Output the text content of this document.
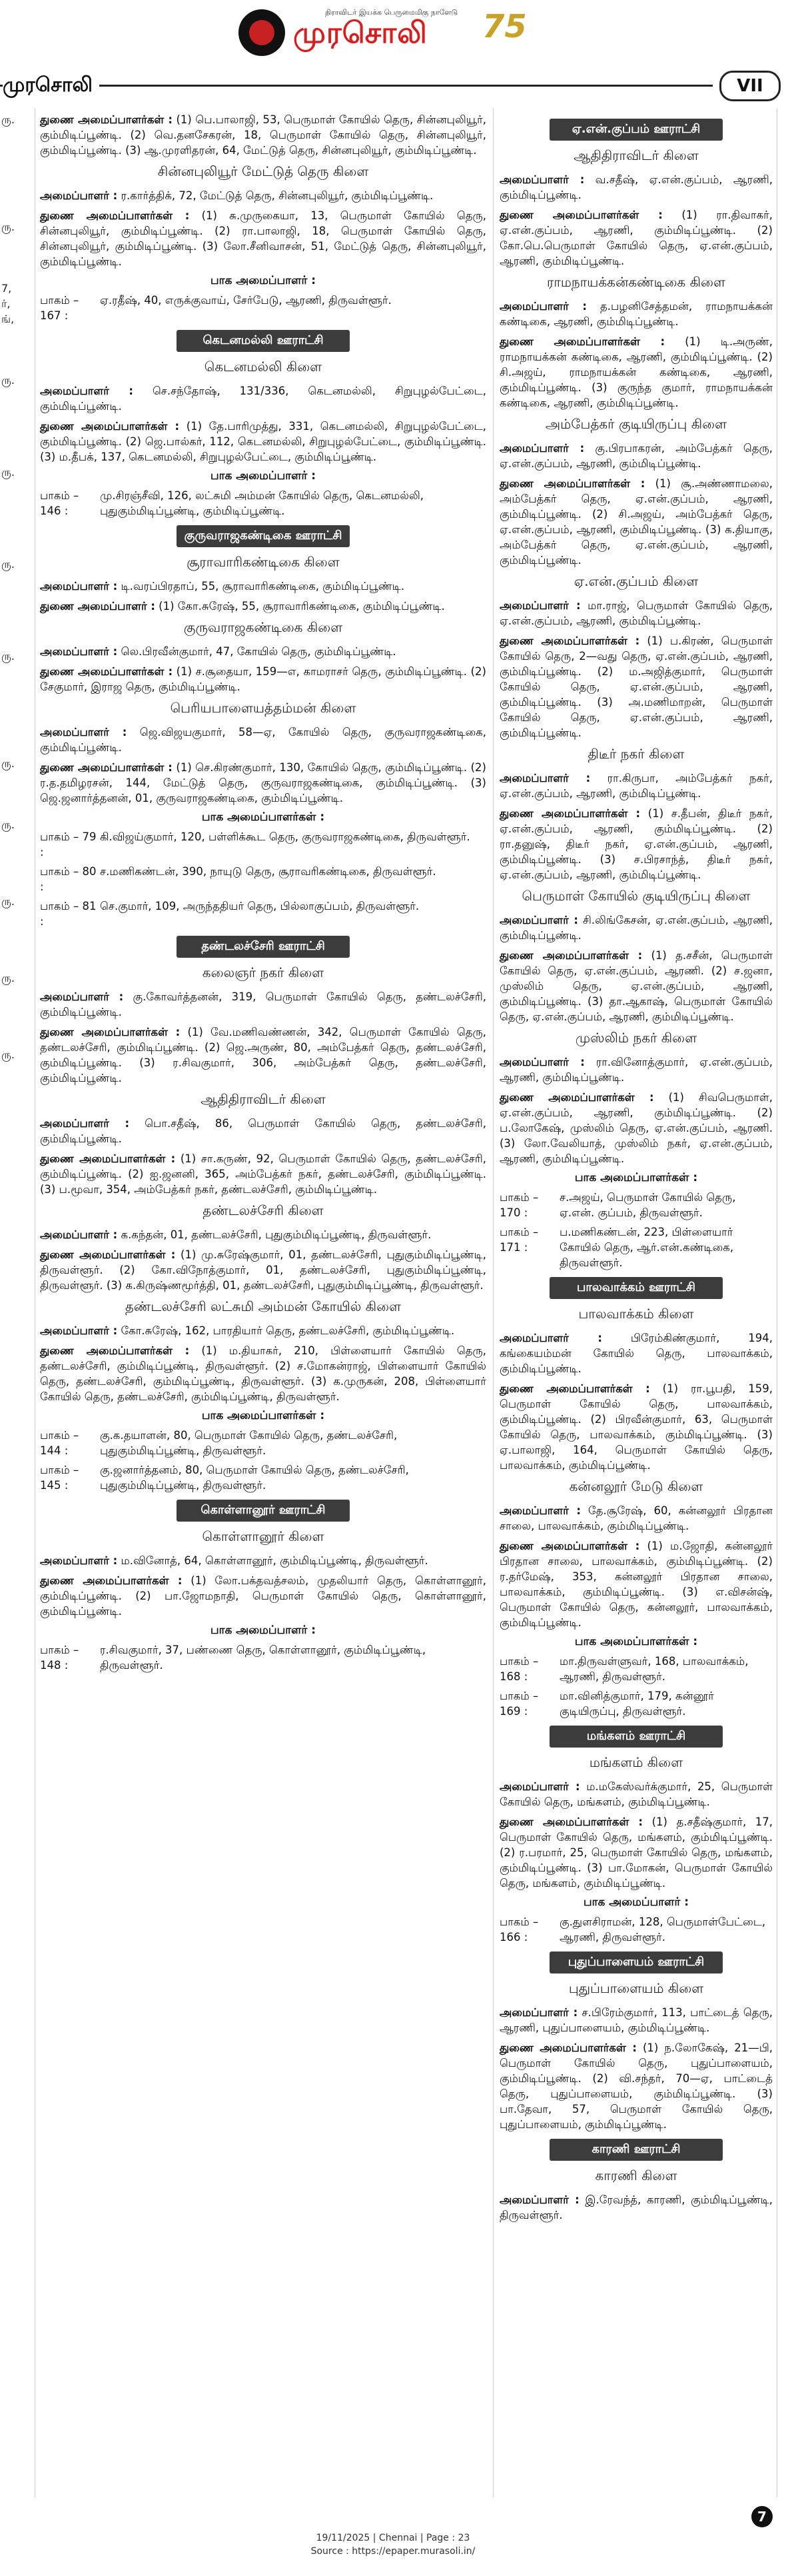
திராவிடர் இயக்க பெருமைமிகு நாளேடு
முரசொலி 75
முரசொலி	VII
ரு.
ரு.
7,
ர்,
ங்,
ரு.
ரு.
ரு.
ரு.
ரு.
ரு.
ரு.
ரு.
ரு.

துணை அமைப்பாளர்கள் : (1) பெ.பாலாஜி, 53, பெருமாள் கோயில் தெரு, சின்னபுலியூர், கும்மிடிப்பூண்டி. (2) வெ.தனசேகரன், 18, பெருமாள் கோயில் தெரு, சின்னபுலியூர், கும்மிடிப்பூண்டி. (3) ஆ.முரளிதரன், 64, மேட்டுத் தெரு, சின்னபுலியூர், கும்மிடிப்பூண்டி.

சின்னபுலியூர் மேட்டுத் தெரு கிளை

அமைப்பாளர் : ர.கார்த்திக், 72, மேட்டுத் தெரு, சின்னபுலியூர், கும்மிடிப்பூண்டி.

துணை அமைப்பாளர்கள் : (1) சு.முருகையா, 13, பெருமாள் கோயில் தெரு, சின்னபுலியூர், கும்மிடிப்பூண்டி. (2) ரா.பாலாஜி, 18, பெருமாள் கோயில் தெரு, சின்னபுலியூர், கும்மிடிப்பூண்டி. (3) லோ.சீனிவாசன், 51, மேட்டுத் தெரு, சின்னபுலியூர், கும்மிடிப்பூண்டி.

பாக அமைப்பாளர் :
பாகம் – 167 :
ஏ.ரதீஷ், 40, எருக்குவாய், சேர்பேடு, ஆரணி, திருவள்ளூர்.
கெடனமல்லி ஊராட்சி
கெடனமல்லி கிளை

அமைப்பாளர் : செ.சந்தோஷ், 131/336, கெடனமல்லி, சிறுபுழல்பேட்டை, கும்மிடிப்பூண்டி.

துணை அமைப்பாளர்கள் : (1) தே.பாரிமுத்து, 331, கெடனமல்லி, சிறுபுழல்பேட்டை, கும்மிடிப்பூண்டி. (2) ஜெ.பால்கர், 112, கெடனமல்லி, சிறுபுழல்பேட்டை, கும்மிடிப்பூண்டி. (3) ம.தீபக், 137, கெடனமல்லி, சிறுபுழல்பேட்டை, கும்மிடிப்பூண்டி.

பாக அமைப்பாளர் :
பாகம் – 146 :
மு.சிரஞ்சீவி, 126, லட்சுமி அம்மன் கோயில் தெரு, கெடனமல்லி, புதுகும்மிடிப்பூண்டி, கும்மிடிப்பூண்டி.
குருவராஜகண்டிகை ஊராட்சி
சூராவாரிகண்டிகை கிளை

அமைப்பாளர் : டி.வரப்பிரதாப், 55, சூராவாரிகண்டிகை, கும்மிடிப்பூண்டி.

துணை அமைப்பாளர் : (1) கோ.சுரேஷ், 55, சூராவாரிகண்டிகை, கும்மிடிப்பூண்டி.

குருவராஜகண்டிகை கிளை

அமைப்பாளர் : லெ.பிரவீன்குமார், 47, கோயில் தெரு, கும்மிடிப்பூண்டி.

துணை அமைப்பாளர்கள் : (1) ச.சூதையா, 159—எ, காமராசர் தெரு, கும்மிடிப்பூண்டி. (2) சேகுமார், இராஜ தெரு, கும்மிடிப்பூண்டி.

பெரியபாளையத்தம்மன் கிளை

அமைப்பாளர் : ஜெ.விஜயகுமார், 58—ஏ, கோயில் தெரு, குருவராஜகண்டிகை, கும்மிடிப்பூண்டி.

துணை அமைப்பாளர்கள் : (1) செ.கிரண்குமார், 130, கோயில் தெரு, கும்மிடிப்பூண்டி. (2) ர.த.தமிழரசன், 144, மேட்டுத் தெரு, குருவராஜகண்டிகை, கும்மிடிப்பூண்டி. (3) ஜெ.ஜனார்த்தனன், 01, குருவராஜகண்டிகை, கும்மிடிப்பூண்டி.

பாக அமைப்பாளர்கள் :
பாகம் – 79 :
கி.விஜய்குமார், 120, பள்ளிக்கூட தெரு, குருவராஜகண்டிகை, திருவள்ளூர்.
பாகம் – 80 :
ச.மணிகண்டன், 390, நாயுடு தெரு, சூராவரிகண்டிகை, திருவள்ளூர்.
பாகம் – 81 :
செ.குமார், 109, அருந்ததியர் தெரு, பில்லாகுப்பம், திருவள்ளூர்.
தண்டலச்சேரி ஊராட்சி
கலைஞர் நகர் கிளை

அமைப்பாளர் : கு.கோவர்த்தனன், 319, பெருமாள் கோயில் தெரு, தண்டலச்சேரி, கும்மிடிப்பூண்டி.

துணை அமைப்பாளர்கள் : (1) வே.மணிவண்ணன், 342, பெருமாள் கோயில் தெரு, தண்டலச்சேரி, கும்மிடிப்பூண்டி. (2) ஜெ.அருண், 80, அம்பேத்கர் தெரு, தண்டலச்சேரி, கும்மிடிப்பூண்டி. (3) ர.சிவகுமார், 306, அம்பேத்கர் தெரு, தண்டலச்சேரி, கும்மிடிப்பூண்டி.

ஆதிதிராவிடர் கிளை

அமைப்பாளர் : பொ.சதீஷ், 86, பெருமாள் கோயில் தெரு, தண்டலச்சேரி, கும்மிடிப்பூண்டி.

துணை அமைப்பாளர்கள் : (1) சா.கருண், 92, பெருமாள் கோயில் தெரு, தண்டலச்சேரி, கும்மிடிப்பூண்டி. (2) ஐ.ஜனனி, 365, அம்பேத்கர் நகர், தண்டலச்சேரி, கும்மிடிப்பூண்டி. (3) ப.மூவா, 354, அம்பேத்கர் நகர், தண்டலச்சேரி, கும்மிடிப்பூண்டி.

தண்டலச்சேரி கிளை

அமைப்பாளர் : க.கந்தன், 01, தண்டலச்சேரி, புதுகும்மிடிப்பூண்டி, திருவள்ளூர்.

துணை அமைப்பாளர்கள் : (1) மு.சுரேஷ்குமார், 01, தண்டலச்சேரி, புதுகும்மிடிப்பூண்டி, திருவள்ளூர். (2) கோ.விநோத்குமார், 01, தண்டலச்சேரி, புதுகும்மிடிப்பூண்டி, திருவள்ளூர். (3) க.கிருஷ்ணமூர்த்தி, 01, தண்டலச்சேரி, புதுகும்மிடிப்பூண்டி, திருவள்ளூர்.

தண்டலச்சேரி லட்சுமி அம்மன் கோயில் கிளை

அமைப்பாளர் : கோ.சுரேஷ், 162, பாரதியார் தெரு, தண்டலச்சேரி, கும்மிடிப்பூண்டி.

துணை அமைப்பாளர்கள் : (1) ம.தியாகர், 210, பிள்ளையார் கோயில் தெரு, தண்டலச்சேரி, கும்மிடிப்பூண்டி, திருவள்ளூர். (2) ச.மோகன்ராஜ், பிள்ளையார் கோயில் தெரு, தண்டலச்சேரி, கும்மிடிப்பூண்டி, திருவள்ளூர். (3) க.முருகன், 208, பிள்ளையார் கோயில் தெரு, தண்டலச்சேரி, கும்மிடிப்பூண்டி, திருவள்ளூர்.

பாக அமைப்பாளர்கள் :
பாகம் – 144 :
கு.க.தயாளன், 80, பெருமாள் கோயில் தெரு, தண்டலச்சேரி, புதுகும்மிடிப்பூண்டி, திருவள்ளூர்.
பாகம் – 145 :
கு.ஜனார்த்தனம், 80, பெருமாள் கோயில் தெரு, தண்டலச்சேரி, புதுகும்மிடிப்பூண்டி, திருவள்ளூர்.
கொள்ளானூர் ஊராட்சி
கொள்ளானூர் கிளை

அமைப்பாளர் : ம.வினோத், 64, கொள்ளானூர், கும்மிடிப்பூண்டி, திருவள்ளூர்.

துணை அமைப்பாளர்கள் : (1) லோ.பக்தவத்சலம், முதலியார் தெரு, கொள்ளானூர், கும்மிடிப்பூண்டி. (2) பா.ஜோமநாதி, பெருமாள் கோயில் தெரு, கொள்ளானூர், கும்மிடிப்பூண்டி.

பாக அமைப்பாளர் :
பாகம் – 148 :
ர.சிவகுமார், 37, பண்ணை தெரு, கொள்ளானூர், கும்மிடிப்பூண்டி, திருவள்ளூர்.
ஏ.என்.குப்பம் ஊராட்சி
ஆதிதிராவிடர் கிளை

அமைப்பாளர் : வ.சதீஷ், ஏ.என்.குப்பம், ஆரணி, கும்மிடிப்பூண்டி.

துணை அமைப்பாளர்கள் : (1) ரா.திவாகர், ஏ.என்.குப்பம், ஆரணி, கும்மிடிப்பூண்டி. (2) கோ.பெ.பெருமாள் கோயில் தெரு, ஏ.என்.குப்பம், ஆரணி, கும்மிடிப்பூண்டி.

ராமநாயக்கன்கண்டிகை கிளை

அமைப்பாளர் : த.பழனிசேத்தமன், ராமநாயக்கன் கண்டிகை, ஆரணி, கும்மிடிப்பூண்டி.

துணை அமைப்பாளர்கள் : (1) டி.அருண், ராமநாயக்கன் கண்டிகை, ஆரணி, கும்மிடிப்பூண்டி. (2) சி.அஜய், ராமநாயக்கன் கண்டிகை, ஆரணி, கும்மிடிப்பூண்டி. (3) குருந்த குமார், ராமநாயக்கன் கண்டிகை, ஆரணி, கும்மிடிப்பூண்டி.

அம்பேத்கர் குடியிருப்பு கிளை

அமைப்பாளர் : கு.பிரபாகரன், அம்பேத்கர் தெரு, ஏ.என்.குப்பம், ஆரணி, கும்மிடிப்பூண்டி.

துணை அமைப்பாளர்கள் : (1) சூ.அண்ணாமலை, அம்பேத்கர் தெரு, ஏ.என்.குப்பம், ஆரணி, கும்மிடிப்பூண்டி. (2) சி.அஜய், அம்பேத்கர் தெரு, ஏ.என்.குப்பம், ஆரணி, கும்மிடிப்பூண்டி. (3) க.தியாகு, அம்பேத்கர் தெரு, ஏ.என்.குப்பம், ஆரணி, கும்மிடிப்பூண்டி.

ஏ.என்.குப்பம் கிளை

அமைப்பாளர் : மா.ராஜ், பெருமாள் கோயில் தெரு, ஏ.என்.குப்பம், ஆரணி, கும்மிடிப்பூண்டி.

துணை அமைப்பாளர்கள் : (1) ப.கிரண், பெருமாள் கோயில் தெரு, 2—வது தெரு, ஏ.என்.குப்பம், ஆரணி, கும்மிடிப்பூண்டி. (2) ம.அஜித்குமார், பெருமாள் கோயில் தெரு, ஏ.என்.குப்பம், ஆரணி, கும்மிடிப்பூண்டி. (3) அ.மணிமாறன், பெருமாள் கோயில் தெரு, ஏ.என்.குப்பம், ஆரணி, கும்மிடிப்பூண்டி.

திடீர் நகர் கிளை

அமைப்பாளர் : ரா.கிருபா, அம்பேத்கர் நகர், ஏ.என்.குப்பம், ஆரணி, கும்மிடிப்பூண்டி.

துணை அமைப்பாளர்கள் : (1) ச.தீபன், திடீர் நகர், ஏ.என்.குப்பம், ஆரணி, கும்மிடிப்பூண்டி. (2) ரா.தனுஷ், திடீர் நகர், ஏ.என்.குப்பம், ஆரணி, கும்மிடிப்பூண்டி. (3) ச.பிரசாந்த், திடீர் நகர், ஏ.என்.குப்பம், ஆரணி, கும்மிடிப்பூண்டி.

பெருமாள் கோயில் குடியிருப்பு கிளை

அமைப்பாளர் : சி.லிங்கேசன், ஏ.என்.குப்பம், ஆரணி, கும்மிடிப்பூண்டி.

துணை அமைப்பாளர்கள் : (1) த.சசீன், பெருமாள் கோயில் தெரு, ஏ.என்.குப்பம், ஆரணி. (2) ச.ஜனா, முஸ்லிம் தெரு, ஏ.என்.குப்பம், ஆரணி, கும்மிடிப்பூண்டி. (3) தா.ஆகாஷ், பெருமாள் கோயில் தெரு, ஏ.என்.குப்பம், ஆரணி, கும்மிடிப்பூண்டி.

முஸ்லிம் நகர் கிளை

அமைப்பாளர் : ரா.வினோத்குமார், ஏ.என்.குப்பம், ஆரணி, கும்மிடிப்பூண்டி.

துணை அமைப்பாளர்கள் : (1) சிவபெருமாள், ஏ.என்.குப்பம், ஆரணி, கும்மிடிப்பூண்டி. (2) ப.லோகேஷ், முஸ்லிம் தெரு, ஏ.என்.குப்பம், ஆரணி. (3) லோ.வேலியாத், முஸ்லிம் நகர், ஏ.என்.குப்பம், ஆரணி, கும்மிடிப்பூண்டி.

பாக அமைப்பாளர்கள் :
பாகம் – 170 :
ச.அஜய், பெருமாள் கோயில் தெரு, ஏ.என். குப்பம், திருவள்ளூர்.
பாகம் – 171 :
ப.மணிகண்டன், 223, பிள்ளையார் கோயில் தெரு, ஆர்.என்.கண்டிகை, திருவள்ளூர்.
பாலவாக்கம் ஊராட்சி
பாலவாக்கம் கிளை

அமைப்பாளர் : பிரேம்கிண்குமார், 194, கங்கையம்மன் கோயில் தெரு, பாலவாக்கம், கும்மிடிப்பூண்டி.

துணை அமைப்பாளர்கள் : (1) ரா.பூபதி, 159, பெருமாள் கோயில் தெரு, பாலவாக்கம், கும்மிடிப்பூண்டி. (2) பிரவீன்குமார், 63, பெருமாள் கோயில் தெரு, பாலவாக்கம், கும்மிடிப்பூண்டி. (3) ஏ.பாலாஜி, 164, பெருமாள் கோயில் தெரு, பாலவாக்கம், கும்மிடிப்பூண்டி.

கன்னலூர் மேடு கிளை

அமைப்பாளர் : தே.சூரேஷ், 60, கன்னலூர் பிரதான சாலை, பாலவாக்கம், கும்மிடிப்பூண்டி.

துணை அமைப்பாளர்கள் : (1) ம.ஜோதி, கன்னலூர் பிரதான சாலை, பாலவாக்கம், கும்மிடிப்பூண்டி. (2) ர.தர்மேஷ், 353, கன்னலூர் பிரதான சாலை, பாலவாக்கம், கும்மிடிப்பூண்டி. (3) எ.விசன்ஷ், பெருமாள் கோயில் தெரு, கன்னலூர், பாலவாக்கம், கும்மிடிப்பூண்டி.

பாக அமைப்பாளர்கள் :
பாகம் – 168 :
மா.திருவள்ளுவர், 168, பாலவாக்கம், ஆரணி, திருவள்ளூர்.
பாகம் – 169 :
மா.வினித்குமார், 179, கன்னூர் குடியிருப்பு, திருவள்ளூர்.
மங்களம் ஊராட்சி
மங்களம் கிளை

அமைப்பாளர் : ம.மகேஸ்வர்க்குமார், 25, பெருமாள் கோயில் தெரு, மங்களம், கும்மிடிப்பூண்டி.

துணை அமைப்பாளர்கள் : (1) த.சதீஷ்குமார், 17, பெருமாள் கோயில் தெரு, மங்களம், கும்மிடிப்பூண்டி. (2) ர.பரமார், 25, பெருமாள் கோயில் தெரு, மங்களம், கும்மிடிப்பூண்டி. (3) பா.மோகன், பெருமாள் கோயில் தெரு, மங்களம், கும்மிடிப்பூண்டி.

பாக அமைப்பாளர் :
பாகம் – 166 :
கு.துளசிராமன், 128, பெருமாள்பேட்டை, ஆரணி, திருவள்ளூர்.
புதுப்பாளையம் ஊராட்சி
புதுப்பாளையம் கிளை

அமைப்பாளர் : ச.பிரேம்குமார், 113, பாட்டைத் தெரு, ஆரணி, புதுப்பாளையம், கும்மிடிப்பூண்டி.

துணை அமைப்பாளர்கள் : (1) ந.லோகேஷ், 21—பி, பெருமாள் கோயில் தெரு, புதுப்பாளையம், கும்மிடிப்பூண்டி. (2) வி.சந்தர், 70—ஏ, பாட்டைத் தெரு, புதுப்பாளையம், கும்மிடிப்பூண்டி. (3) பா.தேவா, 57, பெருமாள் கோயில் தெரு, புதுப்பாளையம், கும்மிடிப்பூண்டி.

காரணி ஊராட்சி
காரணி கிளை

அமைப்பாளர் : இ.ரேவந்த், காரணி, கும்மிடிப்பூண்டி, திருவள்ளூர்.

7
19/11/2025 | Chennai | Page : 23
Source : https://epaper.murasoli.in/
